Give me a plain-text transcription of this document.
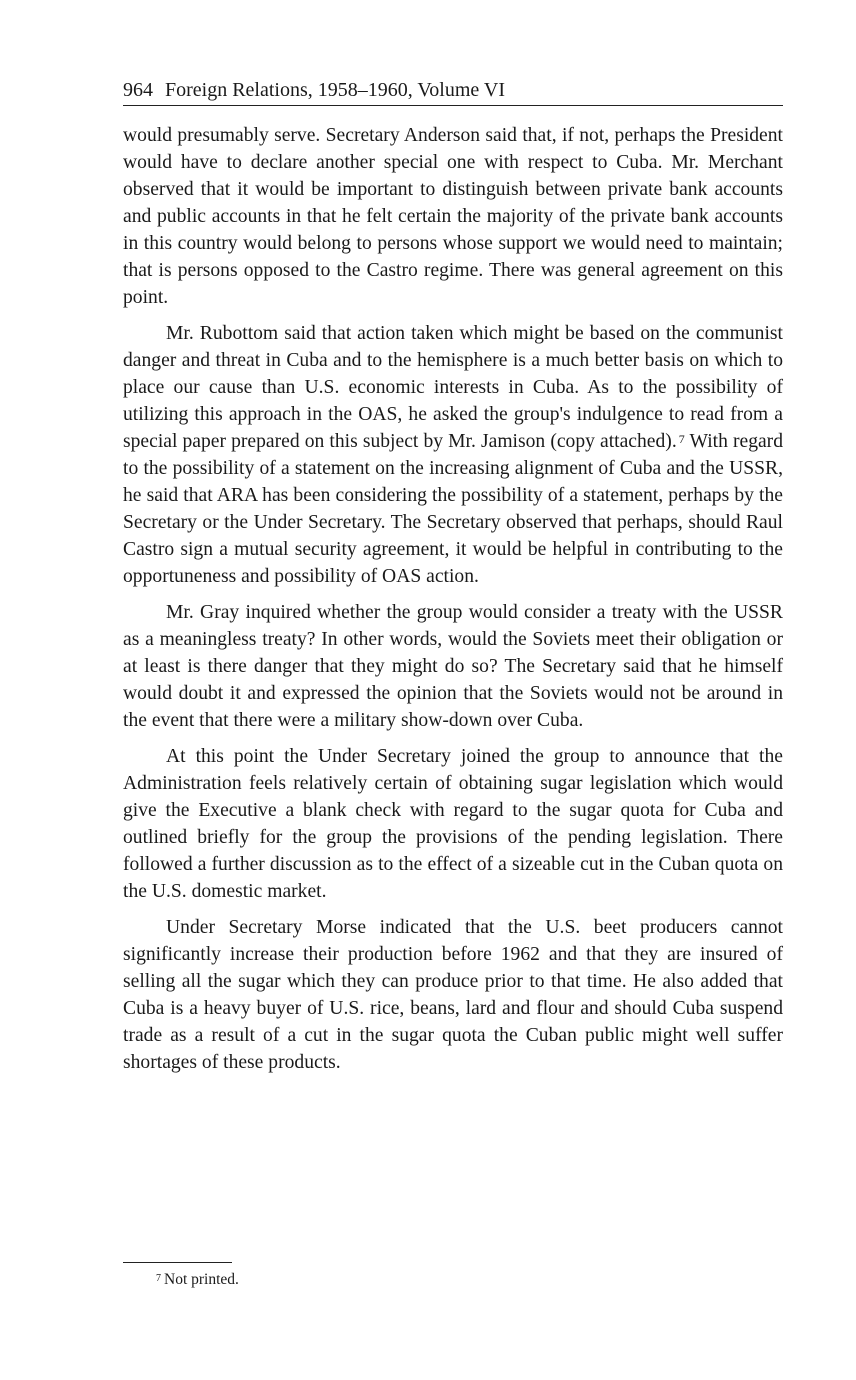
964 Foreign Relations, 1958–1960, Volume VI

would presumably serve. Secretary Anderson said that, if not, perhaps the President would have to declare another special one with respect to Cuba. Mr. Merchant observed that it would be important to distinguish between private bank accounts and public accounts in that he felt certain the majority of the private bank accounts in this country would belong to persons whose support we would need to maintain; that is persons opposed to the Castro regime. There was general agreement on this point.

Mr. Rubottom said that action taken which might be based on the communist danger and threat in Cuba and to the hemisphere is a much better basis on which to place our cause than U.S. economic interests in Cuba. As to the possibility of utilizing this approach in the OAS, he asked the group's indulgence to read from a special paper prepared on this subject by Mr. Jamison (copy attached). $^7$ With regard to the possibility of a statement on the increasing alignment of Cuba and the USSR, he said that ARA has been considering the possibility of a statement, perhaps by the Secretary or the Under Secretary. The Secretary observed that perhaps, should Raul Castro sign a mutual security agreement, it would be helpful in contributing to the opportuneness and possibility of OAS action.

Mr. Gray inquired whether the group would consider a treaty with the USSR as a meaningless treaty? In other words, would the Soviets meet their obligation or at least is there danger that they might do so? The Secretary said that he himself would doubt it and expressed the opinion that the Soviets would not be around in the event that there were a military show-down over Cuba.

At this point the Under Secretary joined the group to announce that the Administration feels relatively certain of obtaining sugar legislation which would give the Executive a blank check with regard to the sugar quota for Cuba and outlined briefly for the group the provisions of the pending legislation. There followed a further discussion as to the effect of a sizeable cut in the Cuban quota on the U.S. domestic market.

Under Secretary Morse indicated that the U.S. beet producers cannot significantly increase their production before 1962 and that they are insured of selling all the sugar which they can produce prior to that time. He also added that Cuba is a heavy buyer of U.S. rice, beans, lard and flour and should Cuba suspend trade as a result of a cut in the sugar quota the Cuban public might well suffer shortages of these products.

$^7$ Not printed.
